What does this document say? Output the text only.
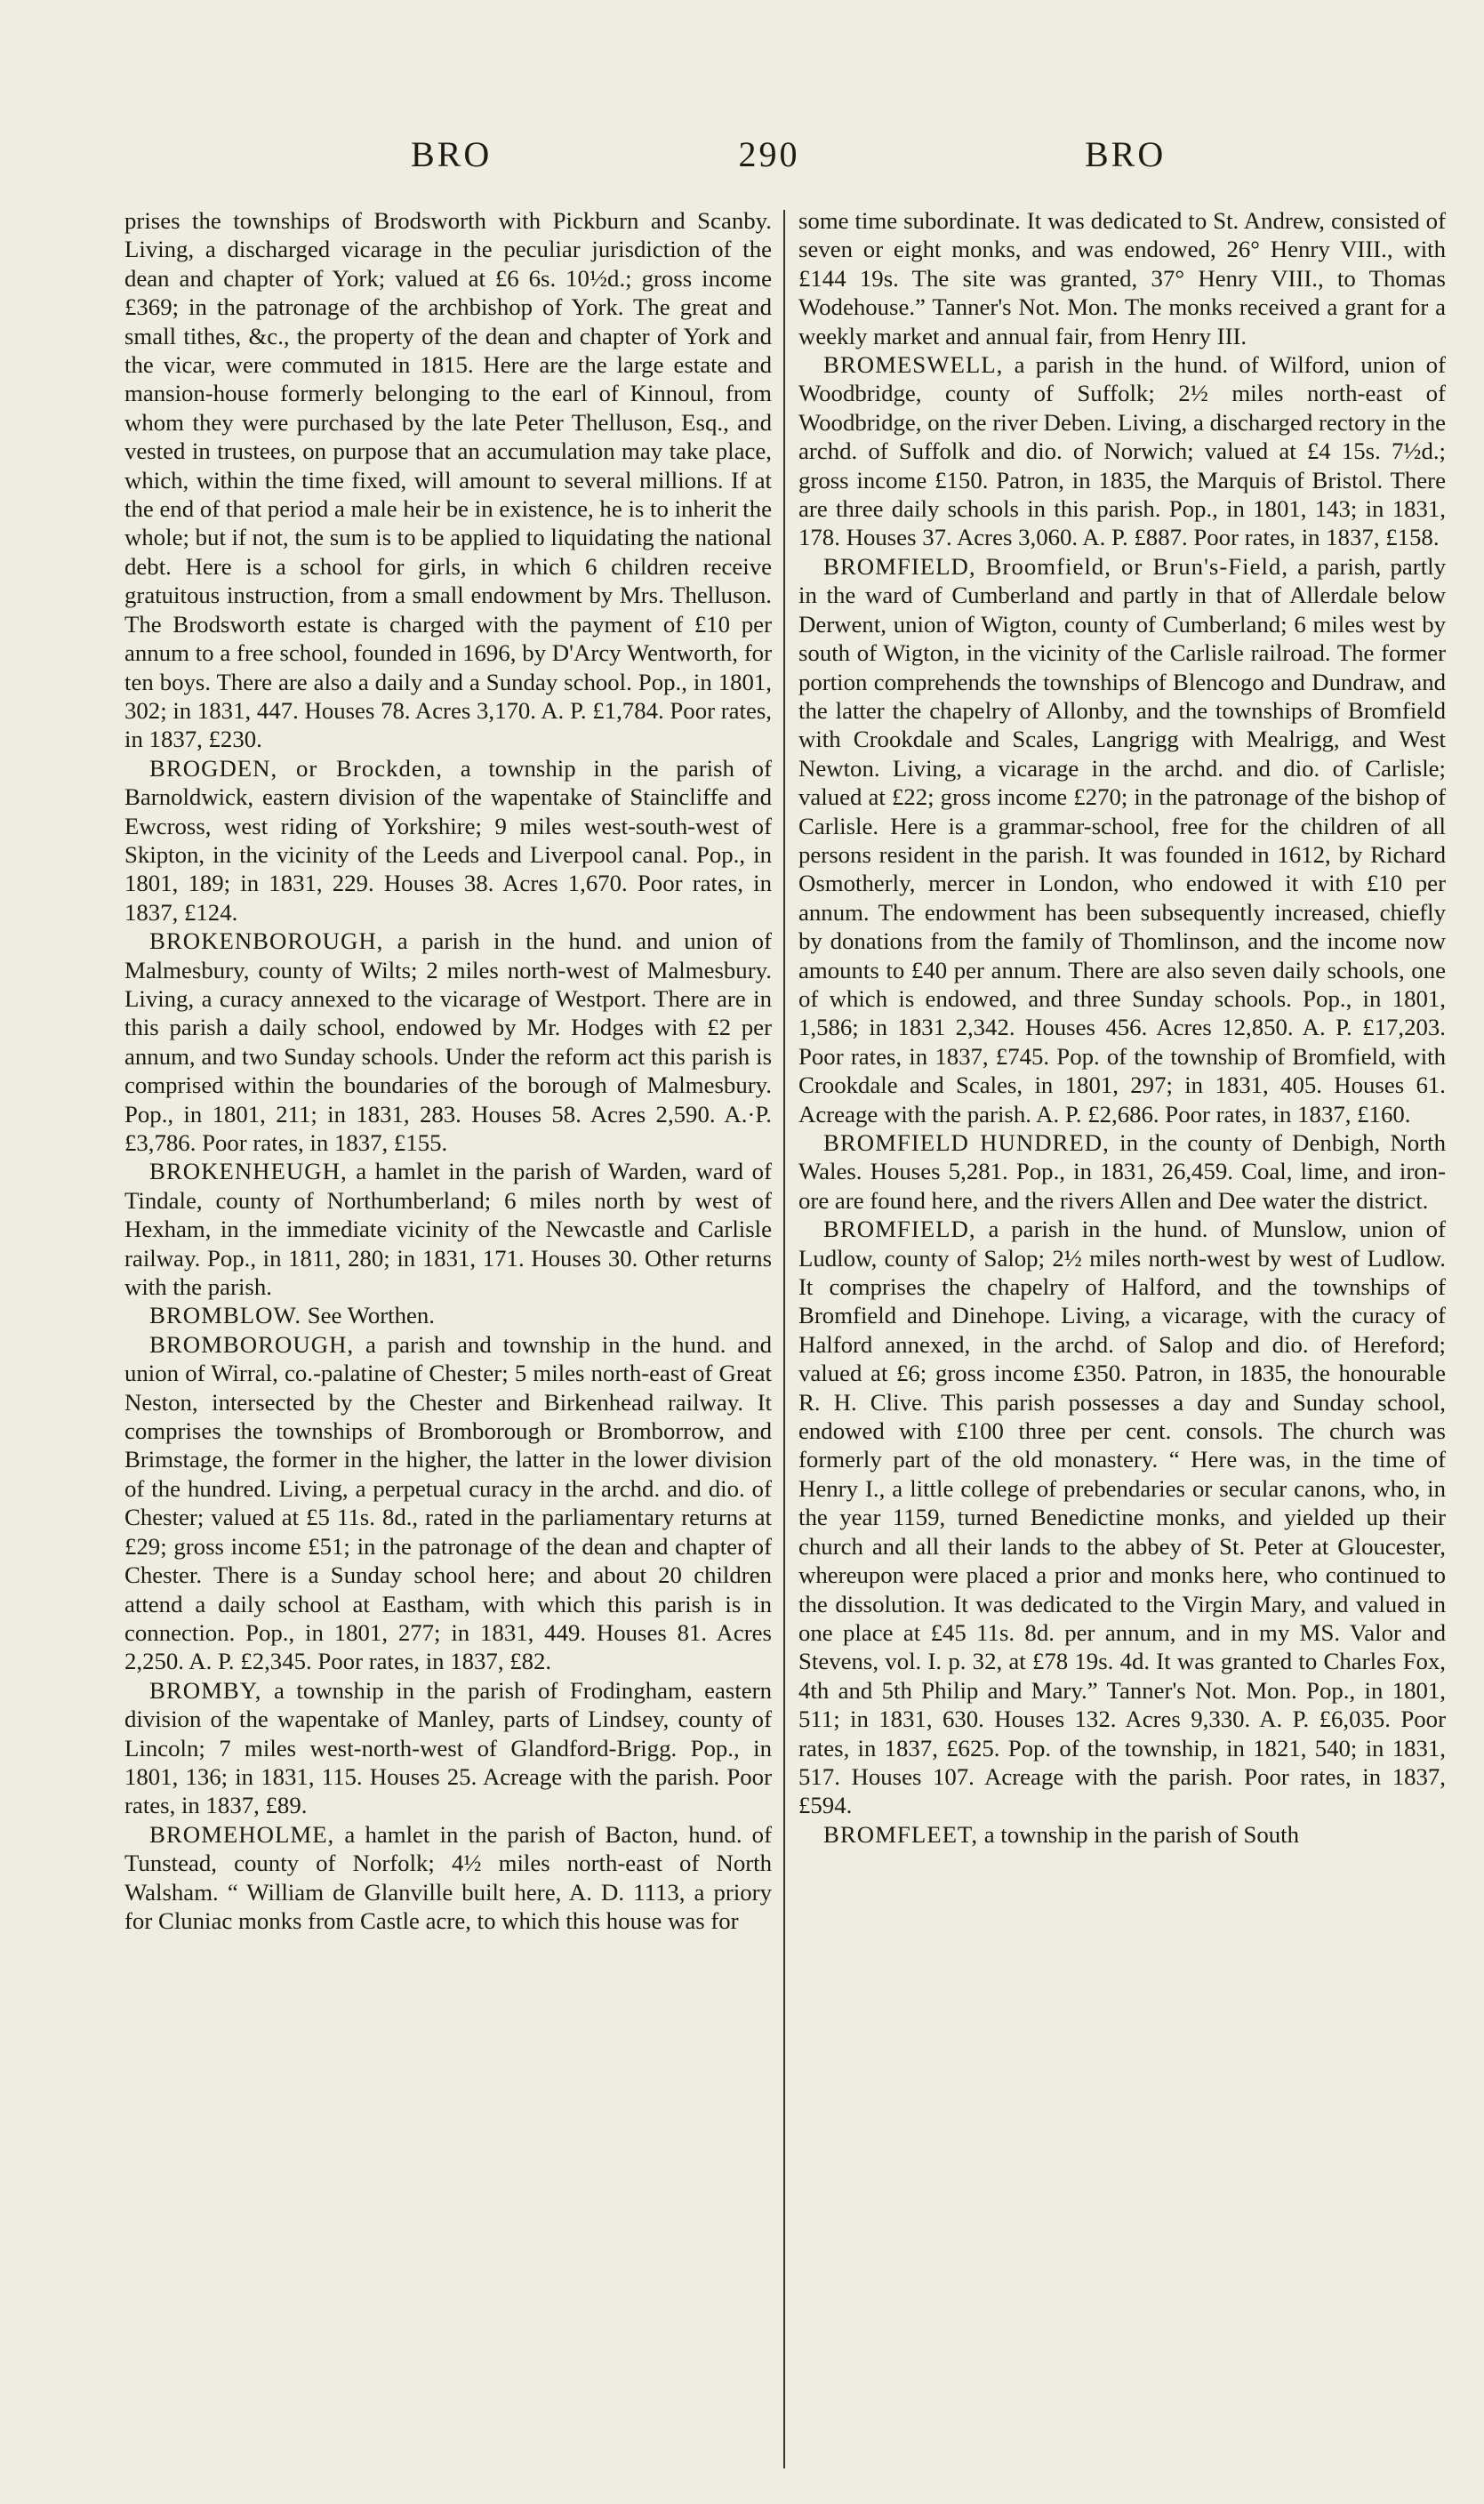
BRO	290	BRO

prises the townships of Brodsworth with Pickburn and Scanby. Living, a discharged vicarage in the peculiar jurisdiction of the dean and chapter of York; valued at £6 6s. 10½d.; gross income £369; in the patronage of the archbishop of York. The great and small tithes, &c., the property of the dean and chapter of York and the vicar, were commuted in 1815. Here are the large estate and mansion-house formerly belonging to the earl of Kinnoul, from whom they were purchased by the late Peter Thelluson, Esq., and vested in trustees, on purpose that an accumulation may take place, which, within the time fixed, will amount to several millions. If at the end of that period a male heir be in existence, he is to inherit the whole; but if not, the sum is to be applied to liquidating the national debt. Here is a school for girls, in which 6 children receive gratuitous instruction, from a small endowment by Mrs. Thelluson. The Brodsworth estate is charged with the payment of £10 per annum to a free school, founded in 1696, by D'Arcy Wentworth, for ten boys. There are also a daily and a Sunday school. Pop., in 1801, 302; in 1831, 447. Houses 78. Acres 3,170. A. P. £1,784. Poor rates, in 1837, £230.

BROGDEN, or Brockden, a township in the parish of Barnoldwick, eastern division of the wapentake of Staincliffe and Ewcross, west riding of Yorkshire; 9 miles west-south-west of Skipton, in the vicinity of the Leeds and Liverpool canal. Pop., in 1801, 189; in 1831, 229. Houses 38. Acres 1,670. Poor rates, in 1837, £124.

BROKENBOROUGH, a parish in the hund. and union of Malmesbury, county of Wilts; 2 miles north-west of Malmesbury. Living, a curacy annexed to the vicarage of Westport. There are in this parish a daily school, endowed by Mr. Hodges with £2 per annum, and two Sunday schools. Under the reform act this parish is comprised within the boundaries of the borough of Malmesbury. Pop., in 1801, 211; in 1831, 283. Houses 58. Acres 2,590. A.·P. £3,786. Poor rates, in 1837, £155.

BROKENHEUGH, a hamlet in the parish of Warden, ward of Tindale, county of Northumberland; 6 miles north by west of Hexham, in the immediate vicinity of the Newcastle and Carlisle railway. Pop., in 1811, 280; in 1831, 171. Houses 30. Other returns with the parish.

BROMBLOW. See Worthen.

BROMBOROUGH, a parish and township in the hund. and union of Wirral, co.-palatine of Chester; 5 miles north-east of Great Neston, intersected by the Chester and Birkenhead railway. It comprises the townships of Bromborough or Bromborrow, and Brimstage, the former in the higher, the latter in the lower division of the hundred. Living, a perpetual curacy in the archd. and dio. of Chester; valued at £5 11s. 8d., rated in the parliamentary returns at £29; gross income £51; in the patronage of the dean and chapter of Chester. There is a Sunday school here; and about 20 children attend a daily school at Eastham, with which this parish is in connection. Pop., in 1801, 277; in 1831, 449. Houses 81. Acres 2,250. A. P. £2,345. Poor rates, in 1837, £82.

BROMBY, a township in the parish of Frodingham, eastern division of the wapentake of Manley, parts of Lindsey, county of Lincoln; 7 miles west-north-west of Glandford-Brigg. Pop., in 1801, 136; in 1831, 115. Houses 25. Acreage with the parish. Poor rates, in 1837, £89.

BROMEHOLME, a hamlet in the parish of Bacton, hund. of Tunstead, county of Norfolk; 4½ miles north-east of North Walsham. “ William de Glanville built here, A. D. 1113, a priory for Cluniac monks from Castle acre, to which this house was for

some time subordinate. It was dedicated to St. Andrew, consisted of seven or eight monks, and was endowed, 26° Henry VIII., with £144 19s. The site was granted, 37° Henry VIII., to Thomas Wodehouse.” Tanner's Not. Mon. The monks received a grant for a weekly market and annual fair, from Henry III.

BROMESWELL, a parish in the hund. of Wilford, union of Woodbridge, county of Suffolk; 2½ miles north-east of Woodbridge, on the river Deben. Living, a discharged rectory in the archd. of Suffolk and dio. of Norwich; valued at £4 15s. 7½d.; gross income £150. Patron, in 1835, the Marquis of Bristol. There are three daily schools in this parish. Pop., in 1801, 143; in 1831, 178. Houses 37. Acres 3,060. A. P. £887. Poor rates, in 1837, £158.

BROMFIELD, Broomfield, or Brun's-Field, a parish, partly in the ward of Cumberland and partly in that of Allerdale below Derwent, union of Wigton, county of Cumberland; 6 miles west by south of Wigton, in the vicinity of the Carlisle railroad. The former portion comprehends the townships of Blencogo and Dundraw, and the latter the chapelry of Allonby, and the townships of Bromfield with Crookdale and Scales, Langrigg with Mealrigg, and West Newton. Living, a vicarage in the archd. and dio. of Carlisle; valued at £22; gross income £270; in the patronage of the bishop of Carlisle. Here is a grammar-school, free for the children of all persons resident in the parish. It was founded in 1612, by Richard Osmotherly, mercer in London, who endowed it with £10 per annum. The endowment has been subsequently increased, chiefly by donations from the family of Thomlinson, and the income now amounts to £40 per annum. There are also seven daily schools, one of which is endowed, and three Sunday schools. Pop., in 1801, 1,586; in 1831 2,342. Houses 456. Acres 12,850. A. P. £17,203. Poor rates, in 1837, £745. Pop. of the township of Bromfield, with Crookdale and Scales, in 1801, 297; in 1831, 405. Houses 61. Acreage with the parish. A. P. £2,686. Poor rates, in 1837, £160.

BROMFIELD HUNDRED, in the county of Denbigh, North Wales. Houses 5,281. Pop., in 1831, 26,459. Coal, lime, and iron-ore are found here, and the rivers Allen and Dee water the district.

BROMFIELD, a parish in the hund. of Munslow, union of Ludlow, county of Salop; 2½ miles north-west by west of Ludlow. It comprises the chapelry of Halford, and the townships of Bromfield and Dinehope. Living, a vicarage, with the curacy of Halford annexed, in the archd. of Salop and dio. of Hereford; valued at £6; gross income £350. Patron, in 1835, the honourable R. H. Clive. This parish possesses a day and Sunday school, endowed with £100 three per cent. consols. The church was formerly part of the old monastery. “ Here was, in the time of Henry I., a little college of prebendaries or secular canons, who, in the year 1159, turned Benedictine monks, and yielded up their church and all their lands to the abbey of St. Peter at Gloucester, whereupon were placed a prior and monks here, who continued to the dissolution. It was dedicated to the Virgin Mary, and valued in one place at £45 11s. 8d. per annum, and in my MS. Valor and Stevens, vol. I. p. 32, at £78 19s. 4d. It was granted to Charles Fox, 4th and 5th Philip and Mary.” Tanner's Not. Mon. Pop., in 1801, 511; in 1831, 630. Houses 132. Acres 9,330. A. P. £6,035. Poor rates, in 1837, £625. Pop. of the township, in 1821, 540; in 1831, 517. Houses 107. Acreage with the parish. Poor rates, in 1837, £594.

BROMFLEET, a township in the parish of South
